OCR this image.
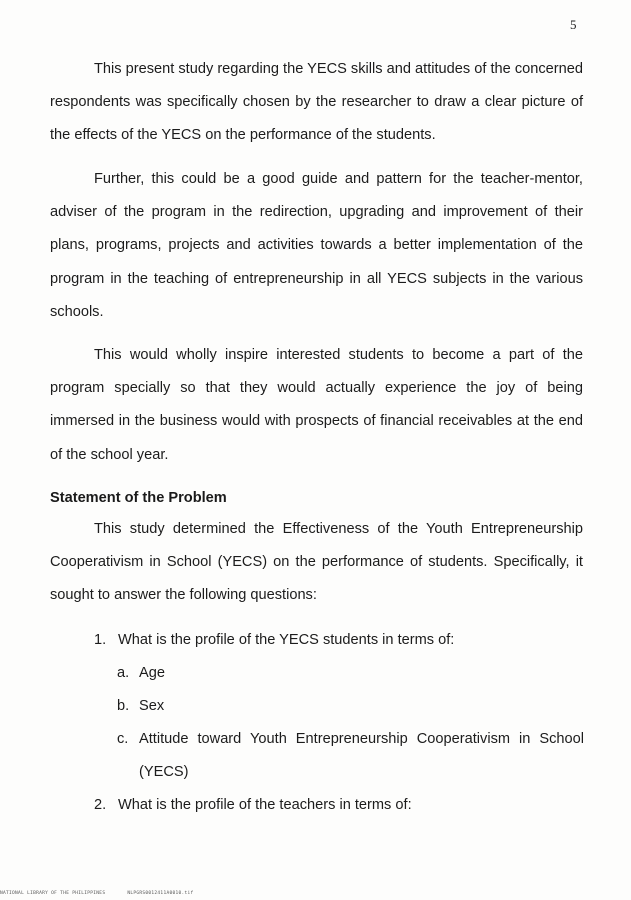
5

This present study regarding the YECS skills and attitudes of the concerned respondents was specifically chosen by the researcher to draw a clear picture of the effects of the YECS on the performance of the students.

Further, this could be a good guide and pattern for the teacher-mentor, adviser of the program in the redirection, upgrading and improvement of their plans, programs, projects and activities towards a better implementation of the program in the teaching of entrepreneurship in all YECS subjects in the various schools.

This would wholly inspire interested students to become a part of the program specially so that they would actually experience the joy of being immersed in the business would with prospects of financial receivables at the end of the school year.

Statement of the Problem

This study determined the Effectiveness of the Youth Entrepreneurship Cooperativism in School (YECS) on the performance of students. Specifically, it sought to answer the following questions:

1. What is the profile of the YECS students in terms of:
a. Age
b. Sex
c. Attitude toward Youth Entrepreneurship Cooperativism in School (YECS)
2. What is the profile of the teachers in terms of:
NATIONAL LIBRARY OF THE PHILIPPINES	NLPGRS0012411A0010.tif
